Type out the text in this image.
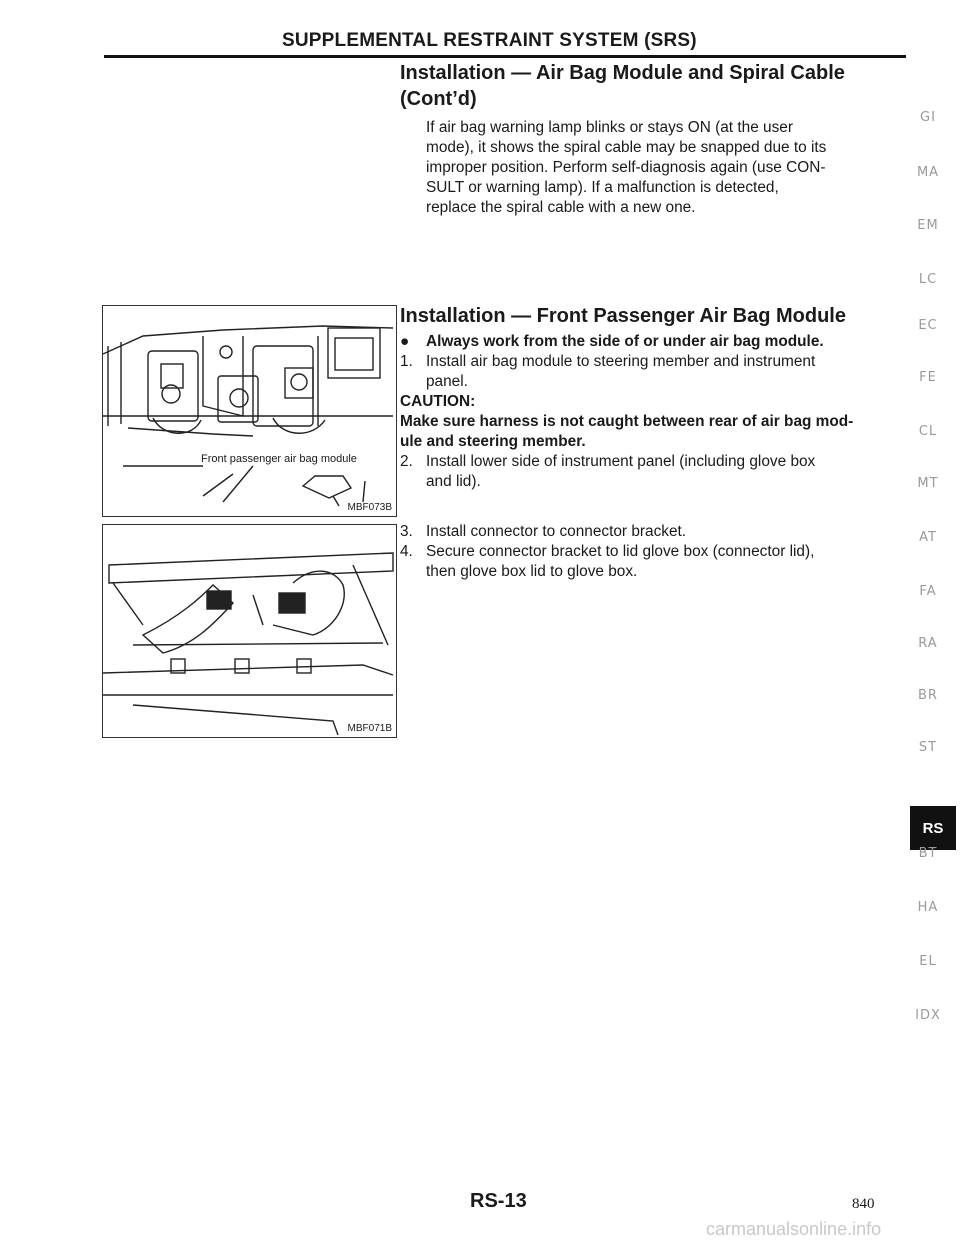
SUPPLEMENTAL RESTRAINT SYSTEM (SRS)
Installation — Air Bag Module and Spiral Cable
(Cont’d)
If air bag warning lamp blinks or stays ON (at the user
mode), it shows the spiral cable may be snapped due to its
improper position. Perform self-diagnosis again (use CON-
SULT or warning lamp). If a malfunction is detected,
replace the spiral cable with a new one.
Installation — Front Passenger Air Bag Module
● Always work from the side of or under air bag module.
1. Install air bag module to steering member and instrument
panel.
CAUTION:
Make sure harness is not caught between rear of air bag mod-
ule and steering member.
2. Install lower side of instrument panel (including glove box
and lid).
3. Install connector to connector bracket.
4. Secure connector bracket to lid glove box (connector lid),
then glove box lid to glove box.
Front passenger air bag module
MBF073B
MBF071B
GI
MA
EM
LC
EC
FE
CL
MT
AT
FA
RA
BR
ST
RS
BT
HA
EL
IDX
RS-13	840
carmanualsonline.info
